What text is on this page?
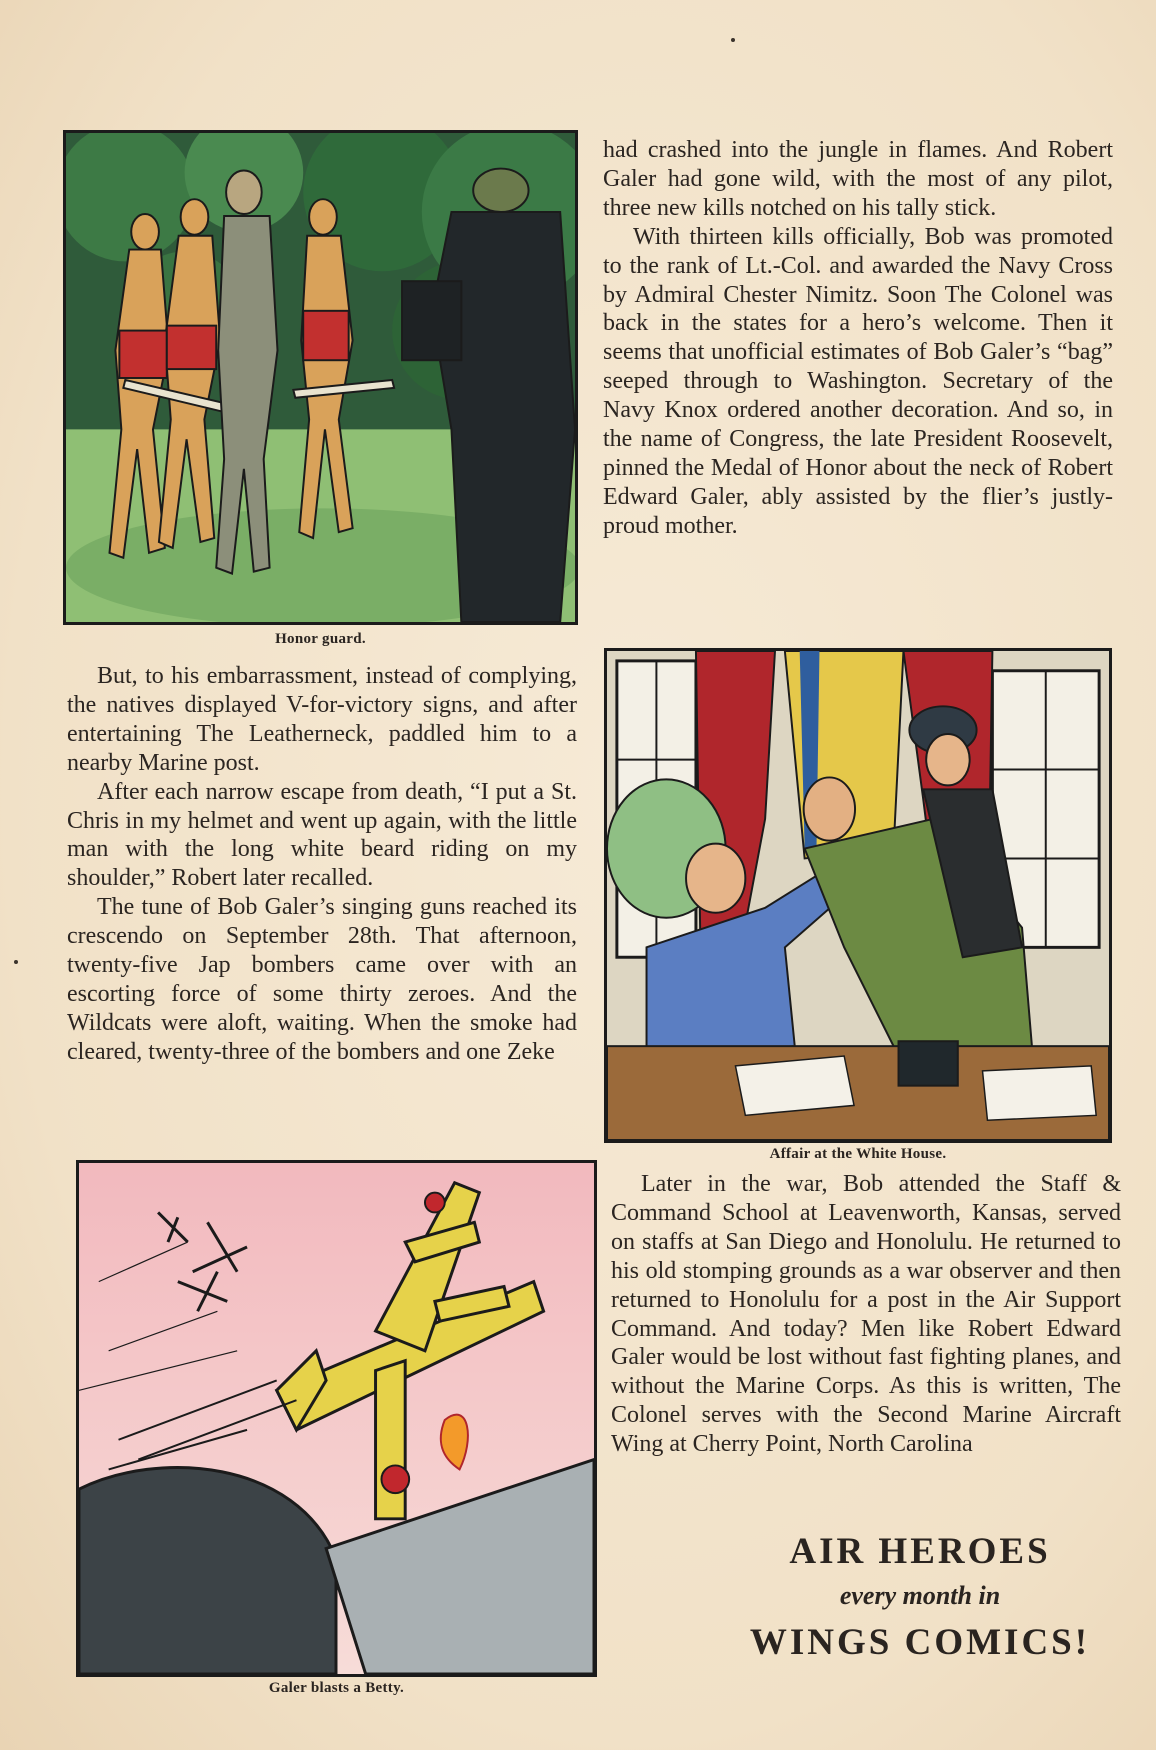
Honor guard.

had crashed into the jungle in flames. And Robert Galer had gone wild, with the most of any pilot, three new kills notched on his tally stick.

With thirteen kills officially, Bob was promoted to the rank of Lt.-Col. and awarded the Navy Cross by Admiral Chester Nimitz. Soon The Colonel was back in the states for a hero’s welcome. Then it seems that unofficial estimates of Bob Galer’s “bag” seeped through to Washington. Secretary of the Navy Knox ordered another decoration. And so, in the name of Congress, the late President Roosevelt, pinned the Medal of Honor about the neck of Robert Edward Galer, ably assisted by the flier’s justly-proud mother.

Affair at the White House.

But, to his embarrassment, instead of complying, the natives displayed V-for-victory signs, and after entertaining The Leatherneck, paddled him to a nearby Marine post.

After each narrow escape from death, “I put a St. Chris in my helmet and went up again, with the little man with the long white beard riding on my shoulder,” Robert later recalled.

The tune of Bob Galer’s singing guns reached its crescendo on September 28th. That afternoon, twenty-five Jap bombers came over with an escorting force of some thirty zeroes. And the Wildcats were aloft, waiting. When the smoke had cleared, twenty-three of the bombers and one Zeke

Galer blasts a Betty.

Later in the war, Bob attended the Staff & Command School at Leavenworth, Kansas, served on staffs at San Diego and Honolulu. He returned to his old stomping grounds as a war observer and then returned to Honolulu for a post in the Air Support Command. And today? Men like Robert Edward Galer would be lost without fast fighting planes, and without the Marine Corps. As this is written, The Colonel serves with the Second Marine Aircraft Wing at Cherry Point, North Carolina

AIR HEROES
every month in
WINGS COMICS!
